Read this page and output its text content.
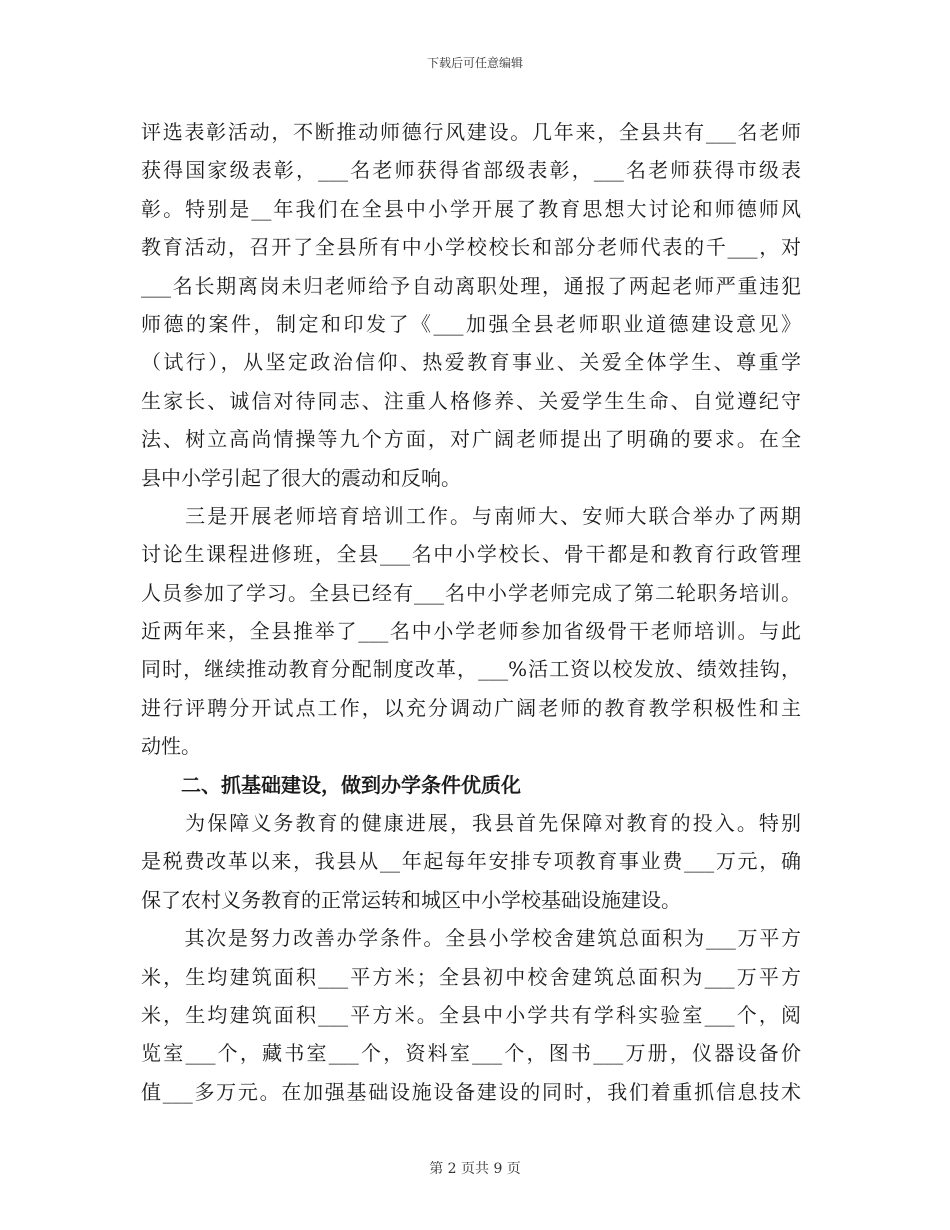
下载后可任意编辑
评选表彰活动，不断推动师德行风建设。几年来，全县共有___名老师
获得国家级表彰，___名老师获得省部级表彰，___名老师获得市级表
彰。特别是__年我们在全县中小学开展了教育思想大讨论和师德师风
教育活动，召开了全县所有中小学校校长和部分老师代表的千___，对
___名长期离岗未归老师给予自动离职处理，通报了两起老师严重违犯
师德的案件，制定和印发了《___加强全县老师职业道德建设意见》
（试行），从坚定政治信仰、热爱教育事业、关爱全体学生、尊重学
生家长、诚信对待同志、注重人格修养、关爱学生生命、自觉遵纪守
法、树立高尚情操等九个方面，对广阔老师提出了明确的要求。在全
县中小学引起了很大的震动和反响。
　　三是开展老师培育培训工作。与南师大、安师大联合举办了两期
讨论生课程进修班，全县___名中小学校长、骨干都是和教育行政管理
人员参加了学习。全县已经有___名中小学老师完成了第二轮职务培训。
近两年来，全县推举了___名中小学老师参加省级骨干老师培训。与此
同时，继续推动教育分配制度改革，___%活工资以校发放、绩效挂钩，
进行评聘分开试点工作，以充分调动广阔老师的教育教学积极性和主
动性。
　　二、抓基础建设，做到办学条件优质化
　　为保障义务教育的健康进展，我县首先保障对教育的投入。特别
是税费改革以来，我县从__年起每年安排专项教育事业费___万元，确
保了农村义务教育的正常运转和城区中小学校基础设施建设。
　　其次是努力改善办学条件。全县小学校舍建筑总面积为___万平方
米，生均建筑面积___平方米；全县初中校舍建筑总面积为___万平方
米，生均建筑面积___平方米。全县中小学共有学科实验室___个，阅
览室___个，藏书室___个，资料室___个，图书___万册，仪器设备价
值___多万元。在加强基础设施设备建设的同时，我们着重抓信息技术
第 2 页共 9 页
